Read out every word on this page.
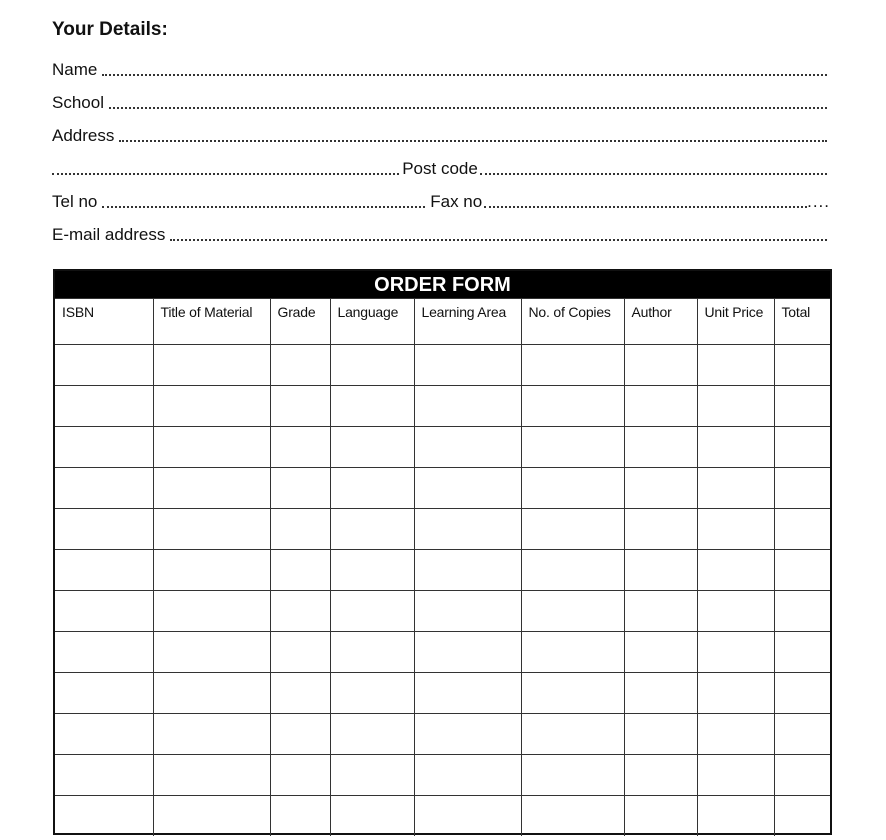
Your Details:
Name
School
Address
Post code
Tel no	Fax no	....
E-mail address
ORDER FORM
ISBN	Title of Material	Grade	Language	Learning Area	No. of Copies	Author	Unit Price	Total
